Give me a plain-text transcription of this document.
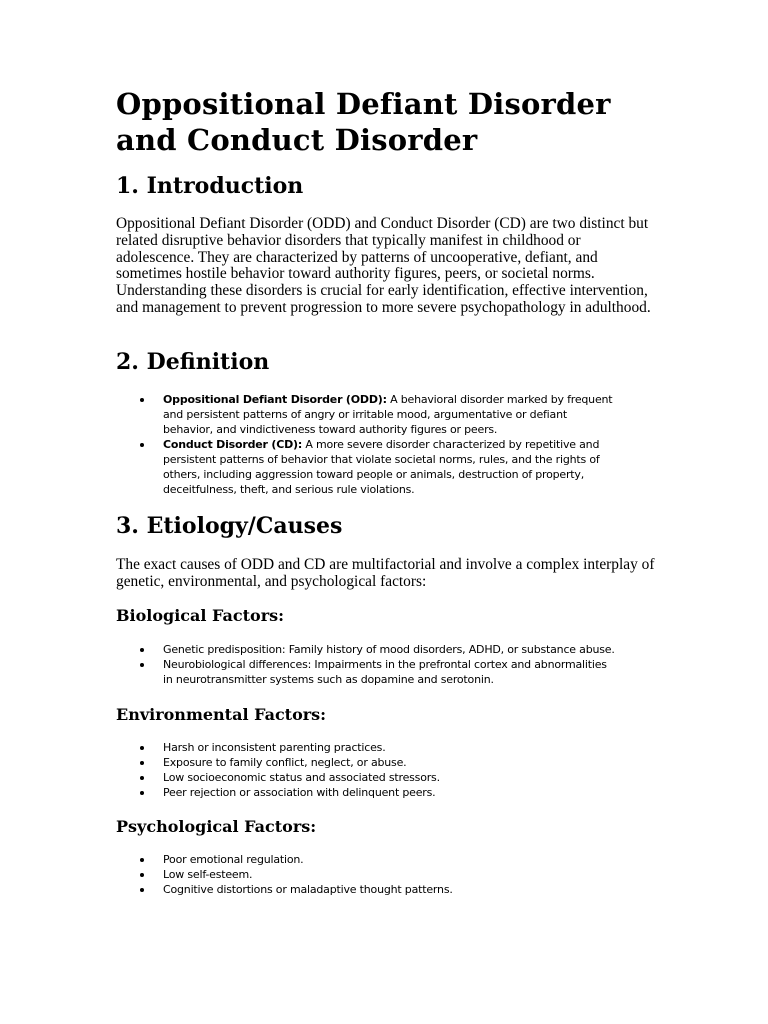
Oppositional Defiant Disorder and Conduct Disorder
1. Introduction

Oppositional Defiant Disorder (ODD) and Conduct Disorder (CD) are two distinct but related disruptive behavior disorders that typically manifest in childhood or adolescence. They are characterized by patterns of uncooperative, defiant, and sometimes hostile behavior toward authority figures, peers, or societal norms. Understanding these disorders is crucial for early identification, effective intervention, and management to prevent progression to more severe psychopathology in adulthood.

2. Definition
Oppositional Defiant Disorder (ODD): A behavioral disorder marked by frequent and persistent patterns of angry or irritable mood, argumentative or defiant behavior, and vindictiveness toward authority figures or peers.
Conduct Disorder (CD): A more severe disorder characterized by repetitive and persistent patterns of behavior that violate societal norms, rules, and the rights of others, including aggression toward people or animals, destruction of property, deceitfulness, theft, and serious rule violations.
3. Etiology/Causes

The exact causes of ODD and CD are multifactorial and involve a complex interplay of genetic, environmental, and psychological factors:

Biological Factors:
Genetic predisposition: Family history of mood disorders, ADHD, or substance abuse.
Neurobiological differences: Impairments in the prefrontal cortex and abnormalities in neurotransmitter systems such as dopamine and serotonin.
Environmental Factors:
Harsh or inconsistent parenting practices.
Exposure to family conflict, neglect, or abuse.
Low socioeconomic status and associated stressors.
Peer rejection or association with delinquent peers.
Psychological Factors:
Poor emotional regulation.
Low self-esteem.
Cognitive distortions or maladaptive thought patterns.
